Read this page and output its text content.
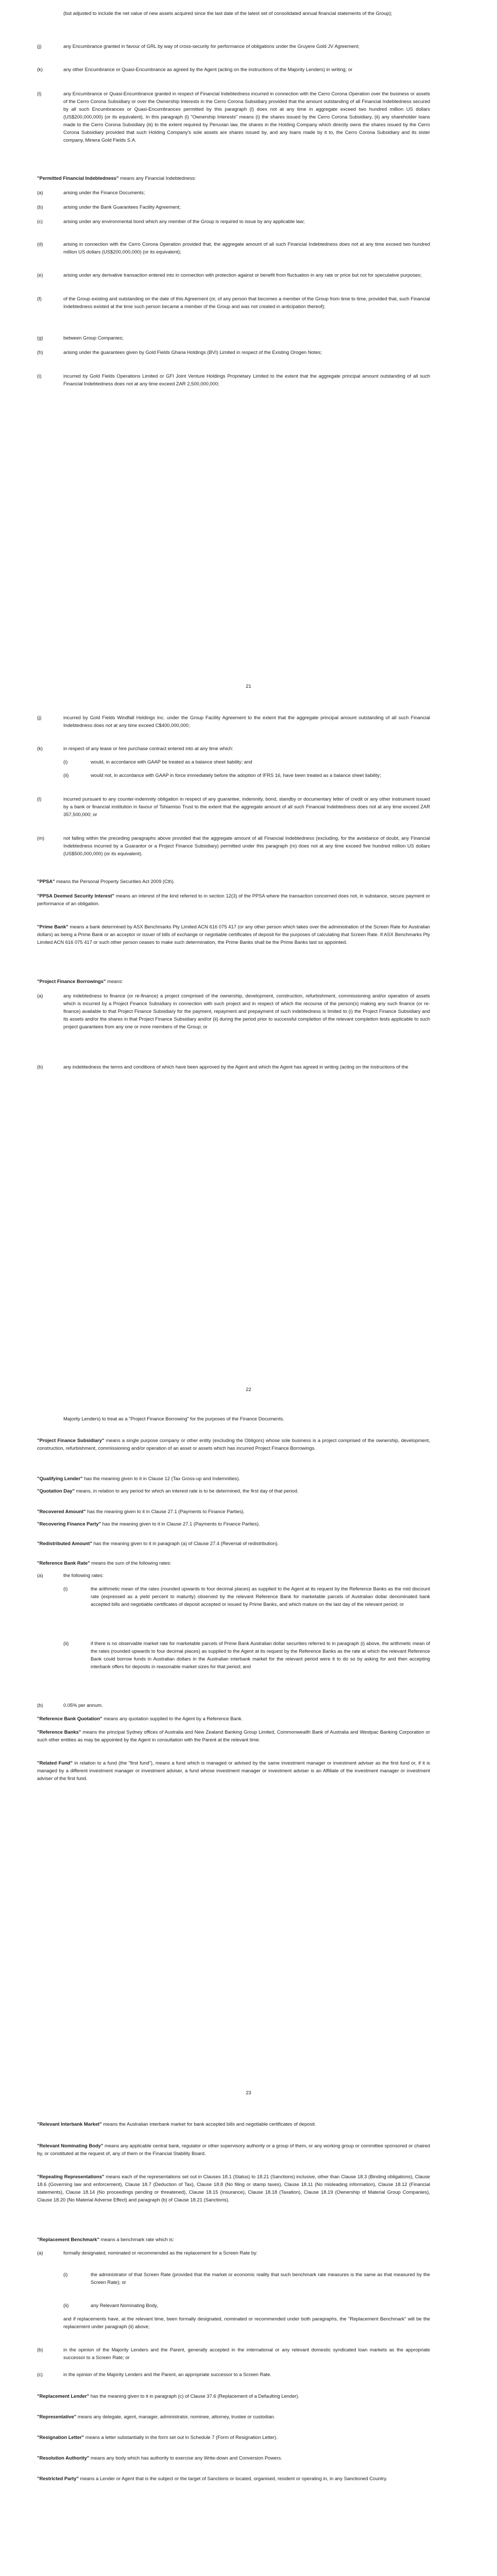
(but adjusted to include the net value of new assets acquired since the last date of the latest set of consolidated annual financial statements of the Group);

(j)	any Encumbrance granted in favour of GRL by way of cross-security for performance of obligations under the Gruyere Gold JV Agreement;

(k)	any other Encumbrance or Quasi-Encumbrance as agreed by the Agent (acting on the instructions of the Majority Lenders) in writing; or

(l)	any Encumbrance or Quasi-Encumbrance granted in respect of Financial Indebtedness incurred in connection with the Cerro Corona Operation over the business or assets of the Cerro Corona Subsidiary or over the Ownership Interests in the Cerro Corona Subsidiary provided that the amount outstanding of all Financial Indebtedness secured by all such Encumbrances or Quasi-Encumbrances permitted by this paragraph (l) does not at any time in aggregate exceed two hundred million US dollars (US$200,000,000) (or its equivalent). In this paragraph (l) "Ownership Interests" means (i) the shares issued by the Cerro Corona Subsidiary, (ii) any shareholder loans made to the Cerro Corona Subsidiary (iii) to the extent required by Peruvian law, the shares in the Holding Company which directly owns the shares issued by the Cerro Corona Subsidiary provided that such Holding Company's sole assets are shares issued by, and any loans made by it to, the Cerro Corona Subsidiary and its sister company, Minera Gold Fields S.A.

"Permitted Financial Indebtedness" means any Financial Indebtedness:

(a)	arising under the Finance Documents;

(b)	arising under the Bank Guarantees Facility Agreement;

(c)	arising under any environmental bond which any member of the Group is required to issue by any applicable law;

(d)	arising in connection with the Cerro Corona Operation provided that, the aggregate amount of all such Financial Indebtedness does not at any time exceed two hundred million US dollars (US$200,000,000) (or its equivalent);

(e)	arising under any derivative transaction entered into in connection with protection against or benefit from fluctuation in any rate or price but not for speculative purposes;

(f)	of the Group existing and outstanding on the date of this Agreement (or, of any person that becomes a member of the Group from time to time, provided that, such Financial Indebtedness existed at the time such person became a member of the Group and was not created in anticipation thereof);

(g)	between Group Companies;

(h)	arising under the guarantees given by Gold Fields Ghana Holdings (BVI) Limited in respect of the Existing Orogen Notes;

(i)	incurred by Gold Fields Operations Limited or GFI Joint Venture Holdings Proprietary Limited to the extent that the aggregate principal amount outstanding of all such Financial Indebtedness does not at any time exceed ZAR 2,500,000,000;

21
(j)	incurred by Gold Fields Windfall Holdings Inc. under the Group Facility Agreement to the extent that the aggregate principal amount outstanding of all such Financial Indebtedness does not at any time exceed C$400,000,000;

(k)	in respect of any lease or hire purchase contract entered into at any time which:

(i)	would, in accordance with GAAP be treated as a balance sheet liability; and

(ii)	would not, in accordance with GAAP in force immediately before the adoption of IFRS 16, have been treated as a balance sheet liability;

(l)	incurred pursuant to any counter-indemnity obligation in respect of any guarantee, indemnity, bond, standby or documentary letter of credit or any other instrument issued by a bank or financial institution in favour of Tshiamiso Trust to the extent that the aggregate amount of all such Financial Indebtedness does not at any time exceed ZAR 357,500,000; or

(m)	not falling within the preceding paragraphs above provided that the aggregate amount of all Financial Indebtedness (excluding, for the avoidance of doubt, any Financial Indebtedness incurred by a Guarantor or a Project Finance Subsidiary) permitted under this paragraph (m) does not at any time exceed five hundred million US dollars (US$500,000,000) (or its equivalent).

"PPSA" means the Personal Property Securities Act 2009 (Cth).

"PPSA Deemed Security Interest" means an interest of the kind referred to in section 12(3) of the PPSA where the transaction concerned does not, in substance, secure payment or performance of an obligation.

"Prime Bank" means a bank determined by ASX Benchmarks Pty Limited ACN 616 075 417 (or any other person which takes over the administration of the Screen Rate for Australian dollars) as being a Prime Bank or an acceptor or issuer of bills of exchange or negotiable certificates of deposit for the purposes of calculating that Screen Rate. If ASX Benchmarks Pty Limited ACN 616 075 417 or such other person ceases to make such determination, the Prime Banks shall be the Prime Banks last so appointed.

"Project Finance Borrowings" means:

(a)	any indebtedness to finance (or re-finance) a project comprised of the ownership, development, construction, refurbishment, commissioning and/or operation of assets which is incurred by a Project Finance Subsidiary in connection with such project and in respect of which the recourse of the person(s) making any such finance (or re-finance) available to that Project Finance Subsidiary for the payment, repayment and prepayment of such indebtedness is limited to (i) the Project Finance Subsidiary and its assets and/or the shares in that Project Finance Subsidiary and/or (ii) during the period prior to successful completion of the relevant completion tests applicable to such project guarantees from any one or more members of the Group; or

(b)	any indebtedness the terms and conditions of which have been approved by the Agent and which the Agent has agreed in writing (acting on the instructions of the

22

Majority Lenders) to treat as a "Project Finance Borrowing" for the purposes of the Finance Documents.

"Project Finance Subsidiary" means a single purpose company or other entity (excluding the Obligors) whose sole business is a project comprised of the ownership, development, construction, refurbishment, commissioning and/or operation of an asset or assets which has incurred Project Finance Borrowings.

"Qualifying Lender" has the meaning given to it in Clause 12 (Tax Gross-up and Indemnities).

"Quotation Day" means, in relation to any period for which an interest rate is to be determined, the first day of that period.

"Recovered Amount" has the meaning given to it in Clause 27.1 (Payments to Finance Parties).

"Recovering Finance Party" has the meaning given to it in Clause 27.1 (Payments to Finance Parties).

"Redistributed Amount" has the meaning given to it in paragraph (a) of Clause 27.4 (Reversal of redistribution).

"Reference Bank Rate" means the sum of the following rates:

(a)	the following rates:

(i)	the arithmetic mean of the rates (rounded upwards to four decimal places) as supplied to the Agent at its request by the Reference Banks as the mid discount rate (expressed as a yield percent to maturity) observed by the relevant Reference Bank for marketable parcels of Australian dollar denominated bank accepted bills and negotiable certificates of deposit accepted or issued by Prime Banks, and which mature on the last day of the relevant period; or

(ii)	if there is no observable market rate for marketable parcels of Prime Bank Australian dollar securities referred to in paragraph (i) above, the arithmetic mean of the rates (rounded upwards to four decimal places) as supplied to the Agent at its request by the Reference Banks as the rate at which the relevant Reference Bank could borrow funds in Australian dollars in the Australian interbank market for the relevant period were it to do so by asking for and then accepting interbank offers for deposits in reasonable market sizes for that period; and

(b)	0.05% per annum.

"Reference Bank Quotation" means any quotation supplied to the Agent by a Reference Bank.

"Reference Banks" means the principal Sydney offices of Australia and New Zealand Banking Group Limited, Commonwealth Bank of Australia and Westpac Banking Corporation or such other entities as may be appointed by the Agent in consultation with the Parent at the relevant time.

"Related Fund" in relation to a fund (the "first fund"), means a fund which is managed or advised by the same investment manager or investment adviser as the first fund or, if it is managed by a different investment manager or investment adviser, a fund whose investment manager or investment adviser is an Affiliate of the investment manager or investment adviser of the first fund.

23

"Relevant Interbank Market" means the Australian interbank market for bank accepted bills and negotiable certificates of deposit.

"Relevant Nominating Body" means any applicable central bank, regulator or other supervisory authority or a group of them, or any working group or committee sponsored or chaired by, or constituted at the request of, any of them or the Financial Stability Board.

"Repeating Representations" means each of the representations set out in Clauses 18.1 (Status) to 18.21 (Sanctions) inclusive, other than Clause 18.3 (Binding obligations), Clause 18.6 (Governing law and enforcement), Clause 18.7 (Deduction of Tax), Clause 18.8 (No filing or stamp taxes), Clause 18.11 (No misleading information), Clause 18.12 (Financial statements), Clause 18.14 (No proceedings pending or threatened), Clause 18.15 (Insurance), Clause 18.18 (Taxation), Clause 18.19 (Ownership of Material Group Companies), Clause 18.20 (No Material Adverse Effect) and paragraph (b) of Clause 18.21 (Sanctions).

"Replacement Benchmark" means a benchmark rate which is:

(a)	formally designated, nominated or recommended as the replacement for a Screen Rate by:

(i)	the administrator of that Screen Rate (provided that the market or economic reality that such benchmark rate measures is the same as that measured by the Screen Rate); or

(ii)	any Relevant Nominating Body,

and if replacements have, at the relevant time, been formally designated, nominated or recommended under both paragraphs, the "Replacement Benchmark" will be the replacement under paragraph (ii) above;

(b)	in the opinion of the Majority Lenders and the Parent, generally accepted in the international or any relevant domestic syndicated loan markets as the appropriate successor to a Screen Rate; or

(c)	in the opinion of the Majority Lenders and the Parent, an appropriate successor to a Screen Rate.

"Replacement Lender" has the meaning given to it in paragraph (c) of Clause 37.6 (Replacement of a Defaulting Lender).

"Representative" means any delegate, agent, manager, administrator, nominee, attorney, trustee or custodian.

"Resignation Letter" means a letter substantially in the form set out in Schedule 7 (Form of Resignation Letter).

"Resolution Authority" means any body which has authority to exercise any Write-down and Conversion Powers.

"Restricted Party" means a Lender or Agent that is the subject or the target of Sanctions or located, organised, resident or operating in, in any Sanctioned Country.
